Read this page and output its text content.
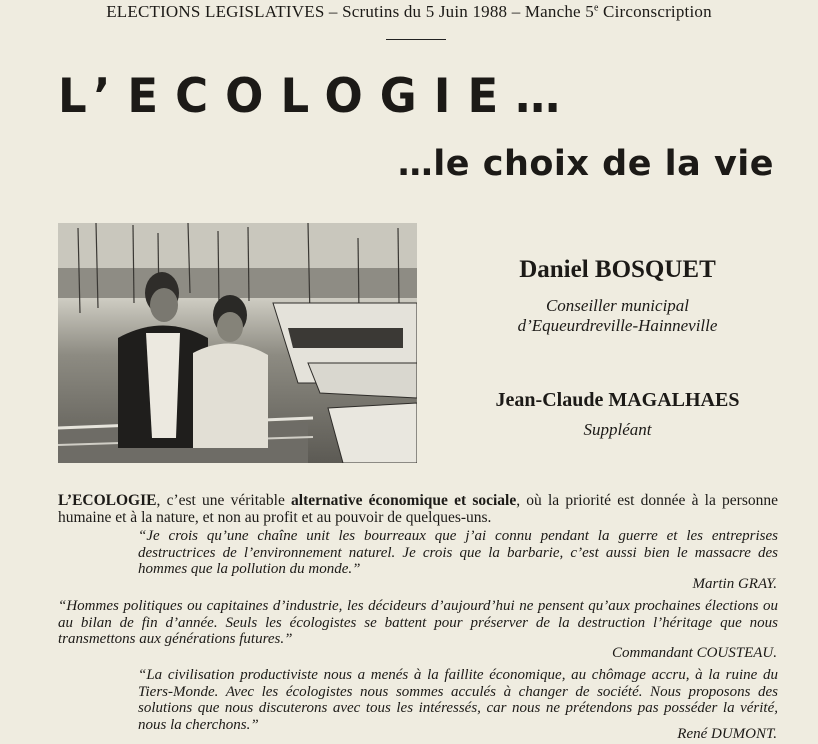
ELECTIONS LEGISLATIVES – Scrutins du 5 Juin 1988 – Manche 5e Circonscription
L’ECOLOGIE…
…le choix de la vie
Daniel BOSQUET
Conseiller municipal
d’Equeurdreville-Hainneville
Jean-Claude MAGALHAES
Suppléant
L’ECOLOGIE, c’est une véritable alternative économique et sociale, où la priorité est donnée à la personne humaine et à la nature, et non au profit et au pouvoir de quelques-uns.
“Je crois qu’une chaîne unit les bourreaux que j’ai connu pendant la guerre et les entreprises destructrices de l’environnement naturel. Je crois que la barbarie, c’est aussi bien le massacre des hommes que la pollution du monde.”
Martin GRAY.
“Hommes politiques ou capitaines d’industrie, les décideurs d’aujourd’hui ne pensent qu’aux prochaines élections ou au bilan de fin d’année. Seuls les écologistes se battent pour préserver de la destruction l’héritage que nous transmettons aux générations futures.”
Commandant COUSTEAU.
“La civilisation productiviste nous a menés à la faillite économique, au chômage accru, à la ruine du Tiers-Monde. Avec les écologistes nous sommes acculés à changer de société. Nous proposons des solutions que nous discuterons avec tous les intéressés, car nous ne prétendons pas posséder la vérité, nous la cherchons.”
René DUMONT.
